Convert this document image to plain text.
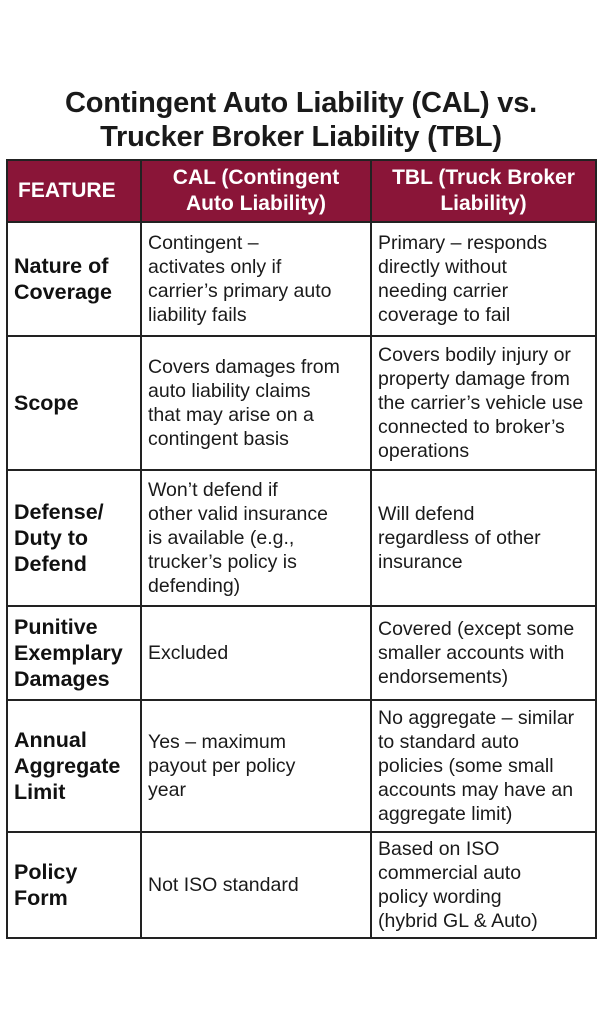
Contingent Auto Liability (CAL) vs.
Trucker Broker Liability (TBL)
FEATURE	CAL (Contingent
Auto Liability)	TBL (Truck Broker
Liability)
Nature of Coverage	Contingent –
activates only if
carrier’s primary auto
liability fails	Primary – responds
directly without
needing carrier
coverage to fail
Scope	Covers damages from
auto liability claims
that may arise on a
contingent basis	Covers bodily injury or
property damage from
the carrier’s vehicle use
connected to broker’s
operations
Defense/ Duty to Defend	Won’t defend if
other valid insurance
is available (e.g.,
trucker’s policy is
defending)	Will defend
regardless of other
insurance
Punitive Exemplary Damages	Excluded	Covered (except some
smaller accounts with
endorsements)
Annual Aggregate Limit	Yes – maximum
payout per policy
year	No aggregate – similar
to standard auto
policies (some small
accounts may have an
aggregate limit)
Policy Form	Not ISO standard	Based on ISO
commercial auto
policy wording
(hybrid GL & Auto)
